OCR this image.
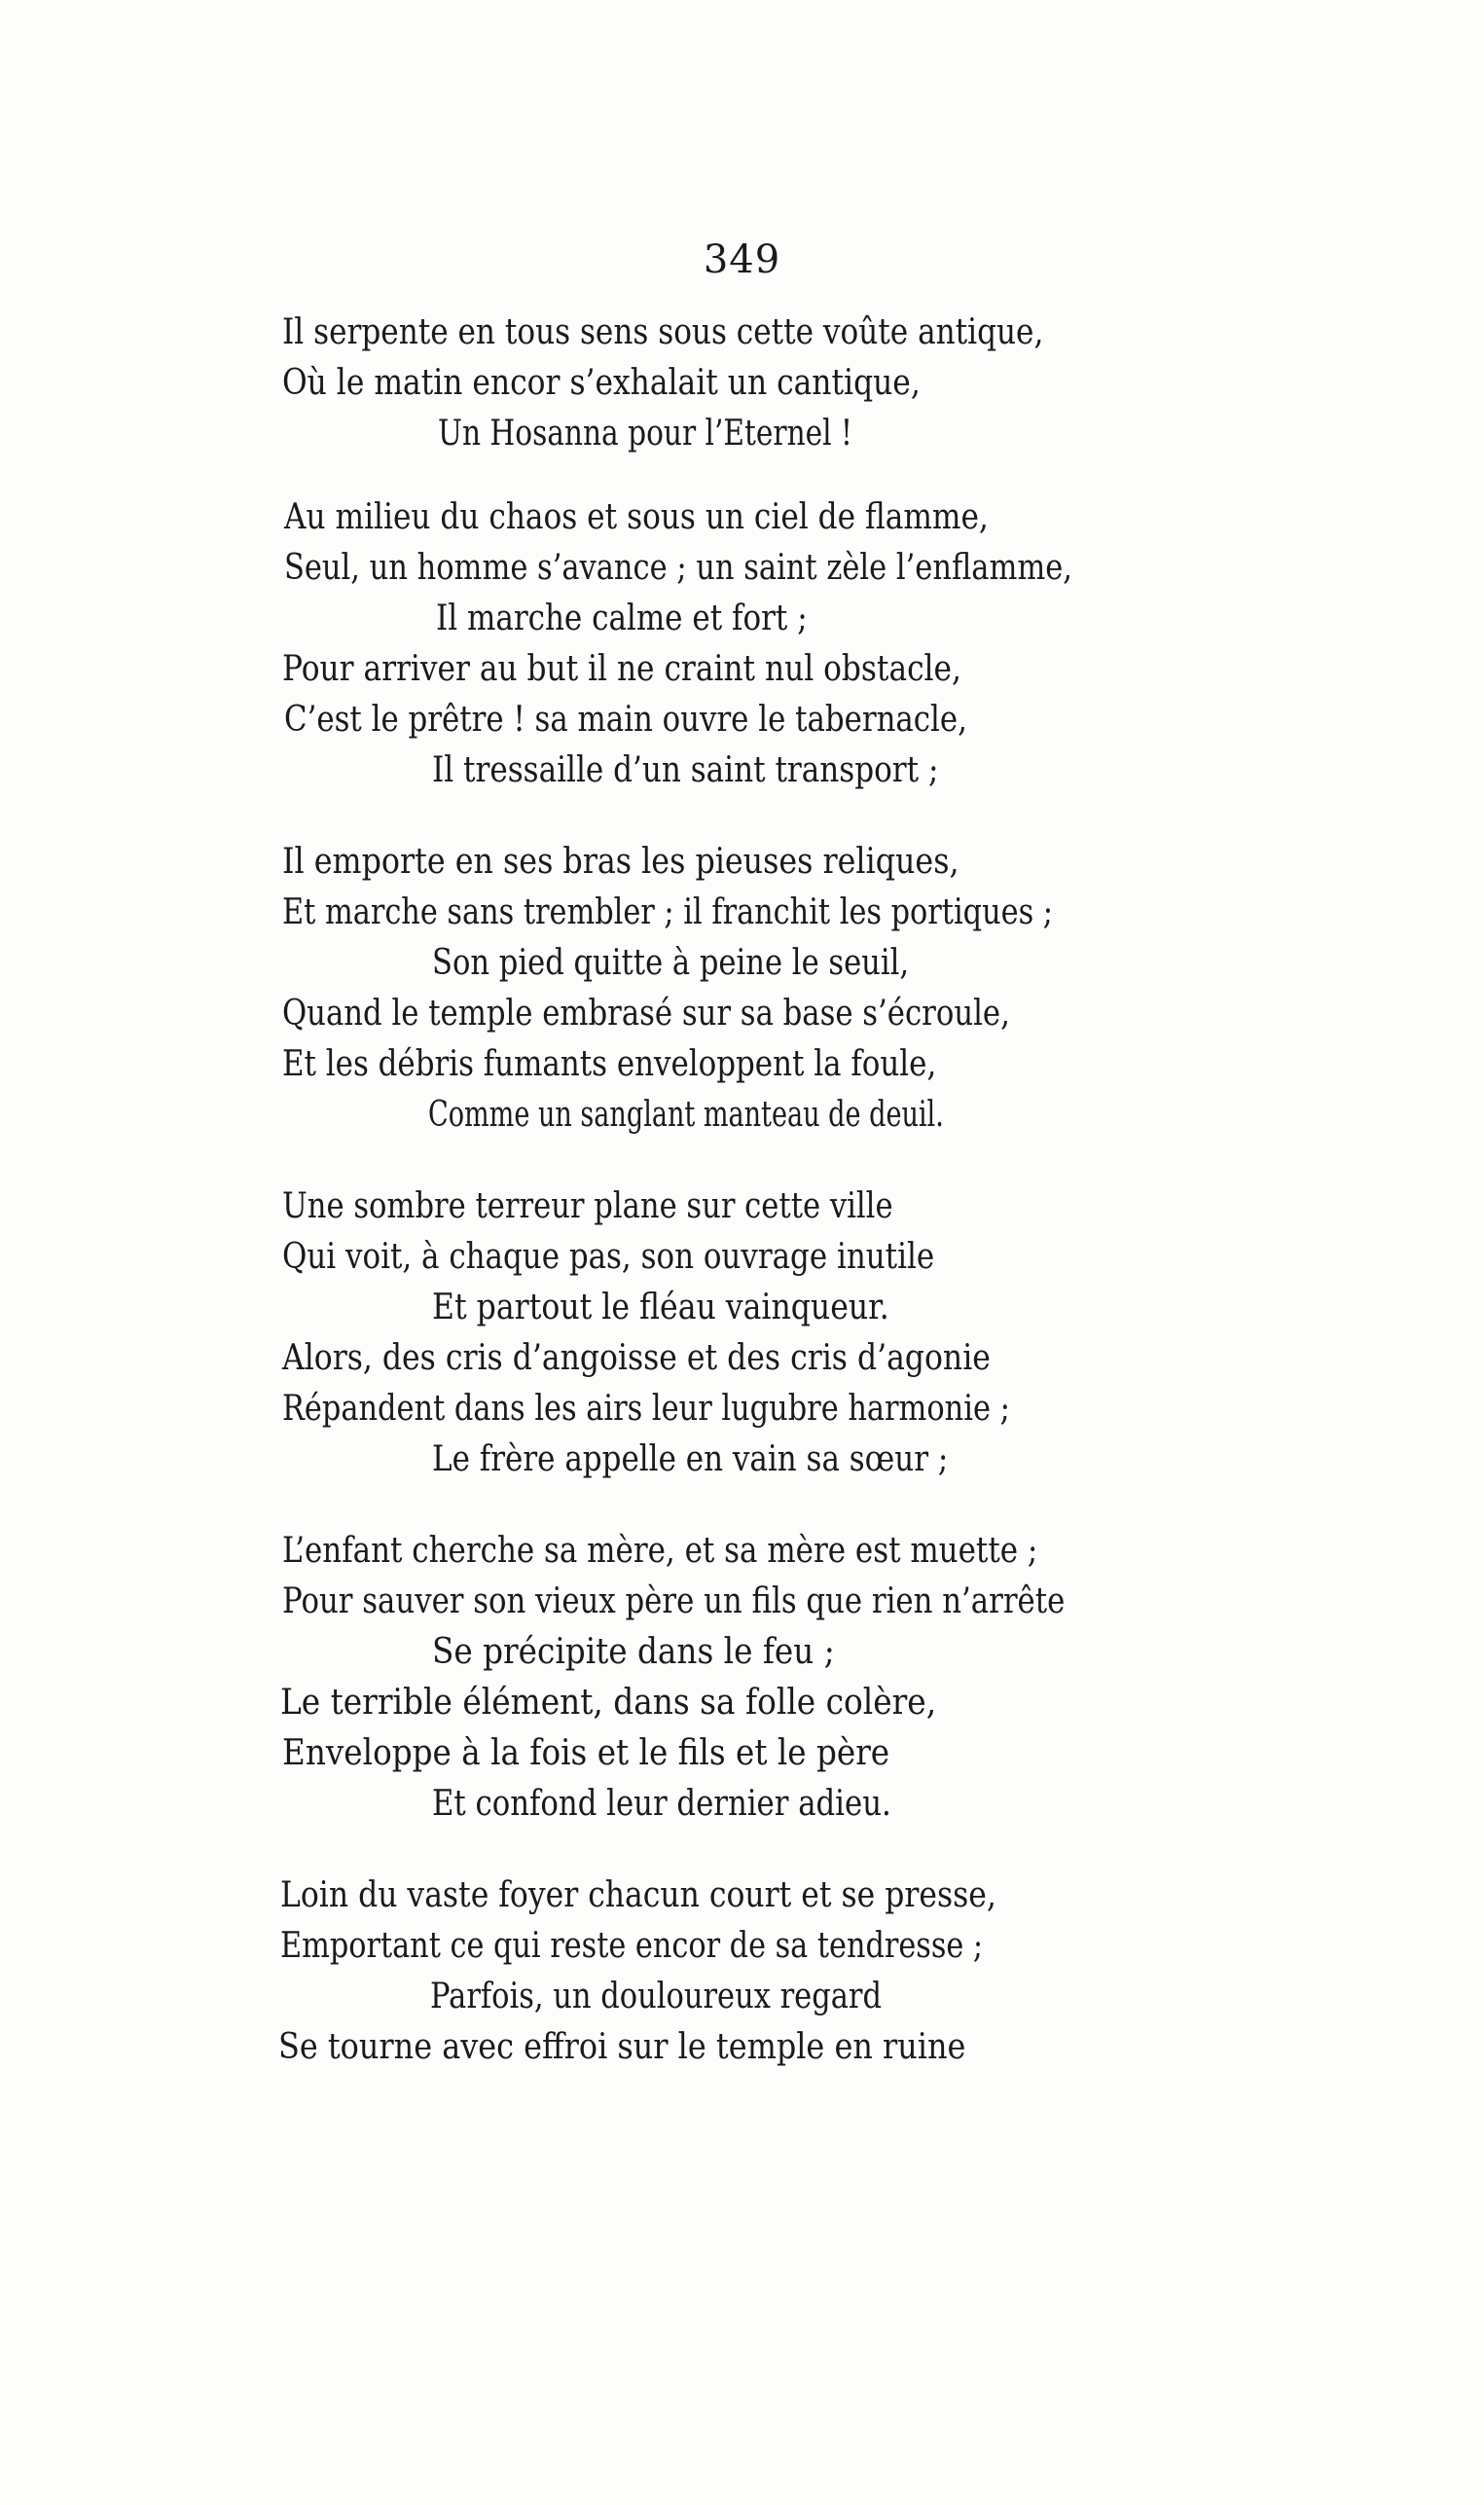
349
Il serpente en tous sens sous cette voûte antique,
Où le matin encor s’exhalait un cantique,
Un Hosanna pour l’Eternel !
Au milieu du chaos et sous un ciel de flamme,
Seul, un homme s’avance ; un saint zèle l’enflamme,
Il marche calme et fort ;
Pour arriver au but il ne craint nul obstacle,
C’est le prêtre ! sa main ouvre le tabernacle,
Il tressaille d’un saint transport ;
Il emporte en ses bras les pieuses reliques,
Et marche sans trembler ; il franchit les portiques ;
Son pied quitte à peine le seuil,
Quand le temple embrasé sur sa base s’écroule,
Et les débris fumants enveloppent la foule,
Comme un sanglant manteau de deuil.
Une sombre terreur plane sur cette ville
Qui voit, à chaque pas, son ouvrage inutile
Et partout le fléau vainqueur.
Alors, des cris d’angoisse et des cris d’agonie
Répandent dans les airs leur lugubre harmonie ;
Le frère appelle en vain sa sœur ;
L’enfant cherche sa mère, et sa mère est muette ;
Pour sauver son vieux père un fils que rien n’arrête
Se précipite dans le feu ;
Le terrible élément, dans sa folle colère,
Enveloppe à la fois et le fils et le père
Et confond leur dernier adieu.
Loin du vaste foyer chacun court et se presse,
Emportant ce qui reste encor de sa tendresse ;
Parfois, un douloureux regard
Se tourne avec effroi sur le temple en ruine
